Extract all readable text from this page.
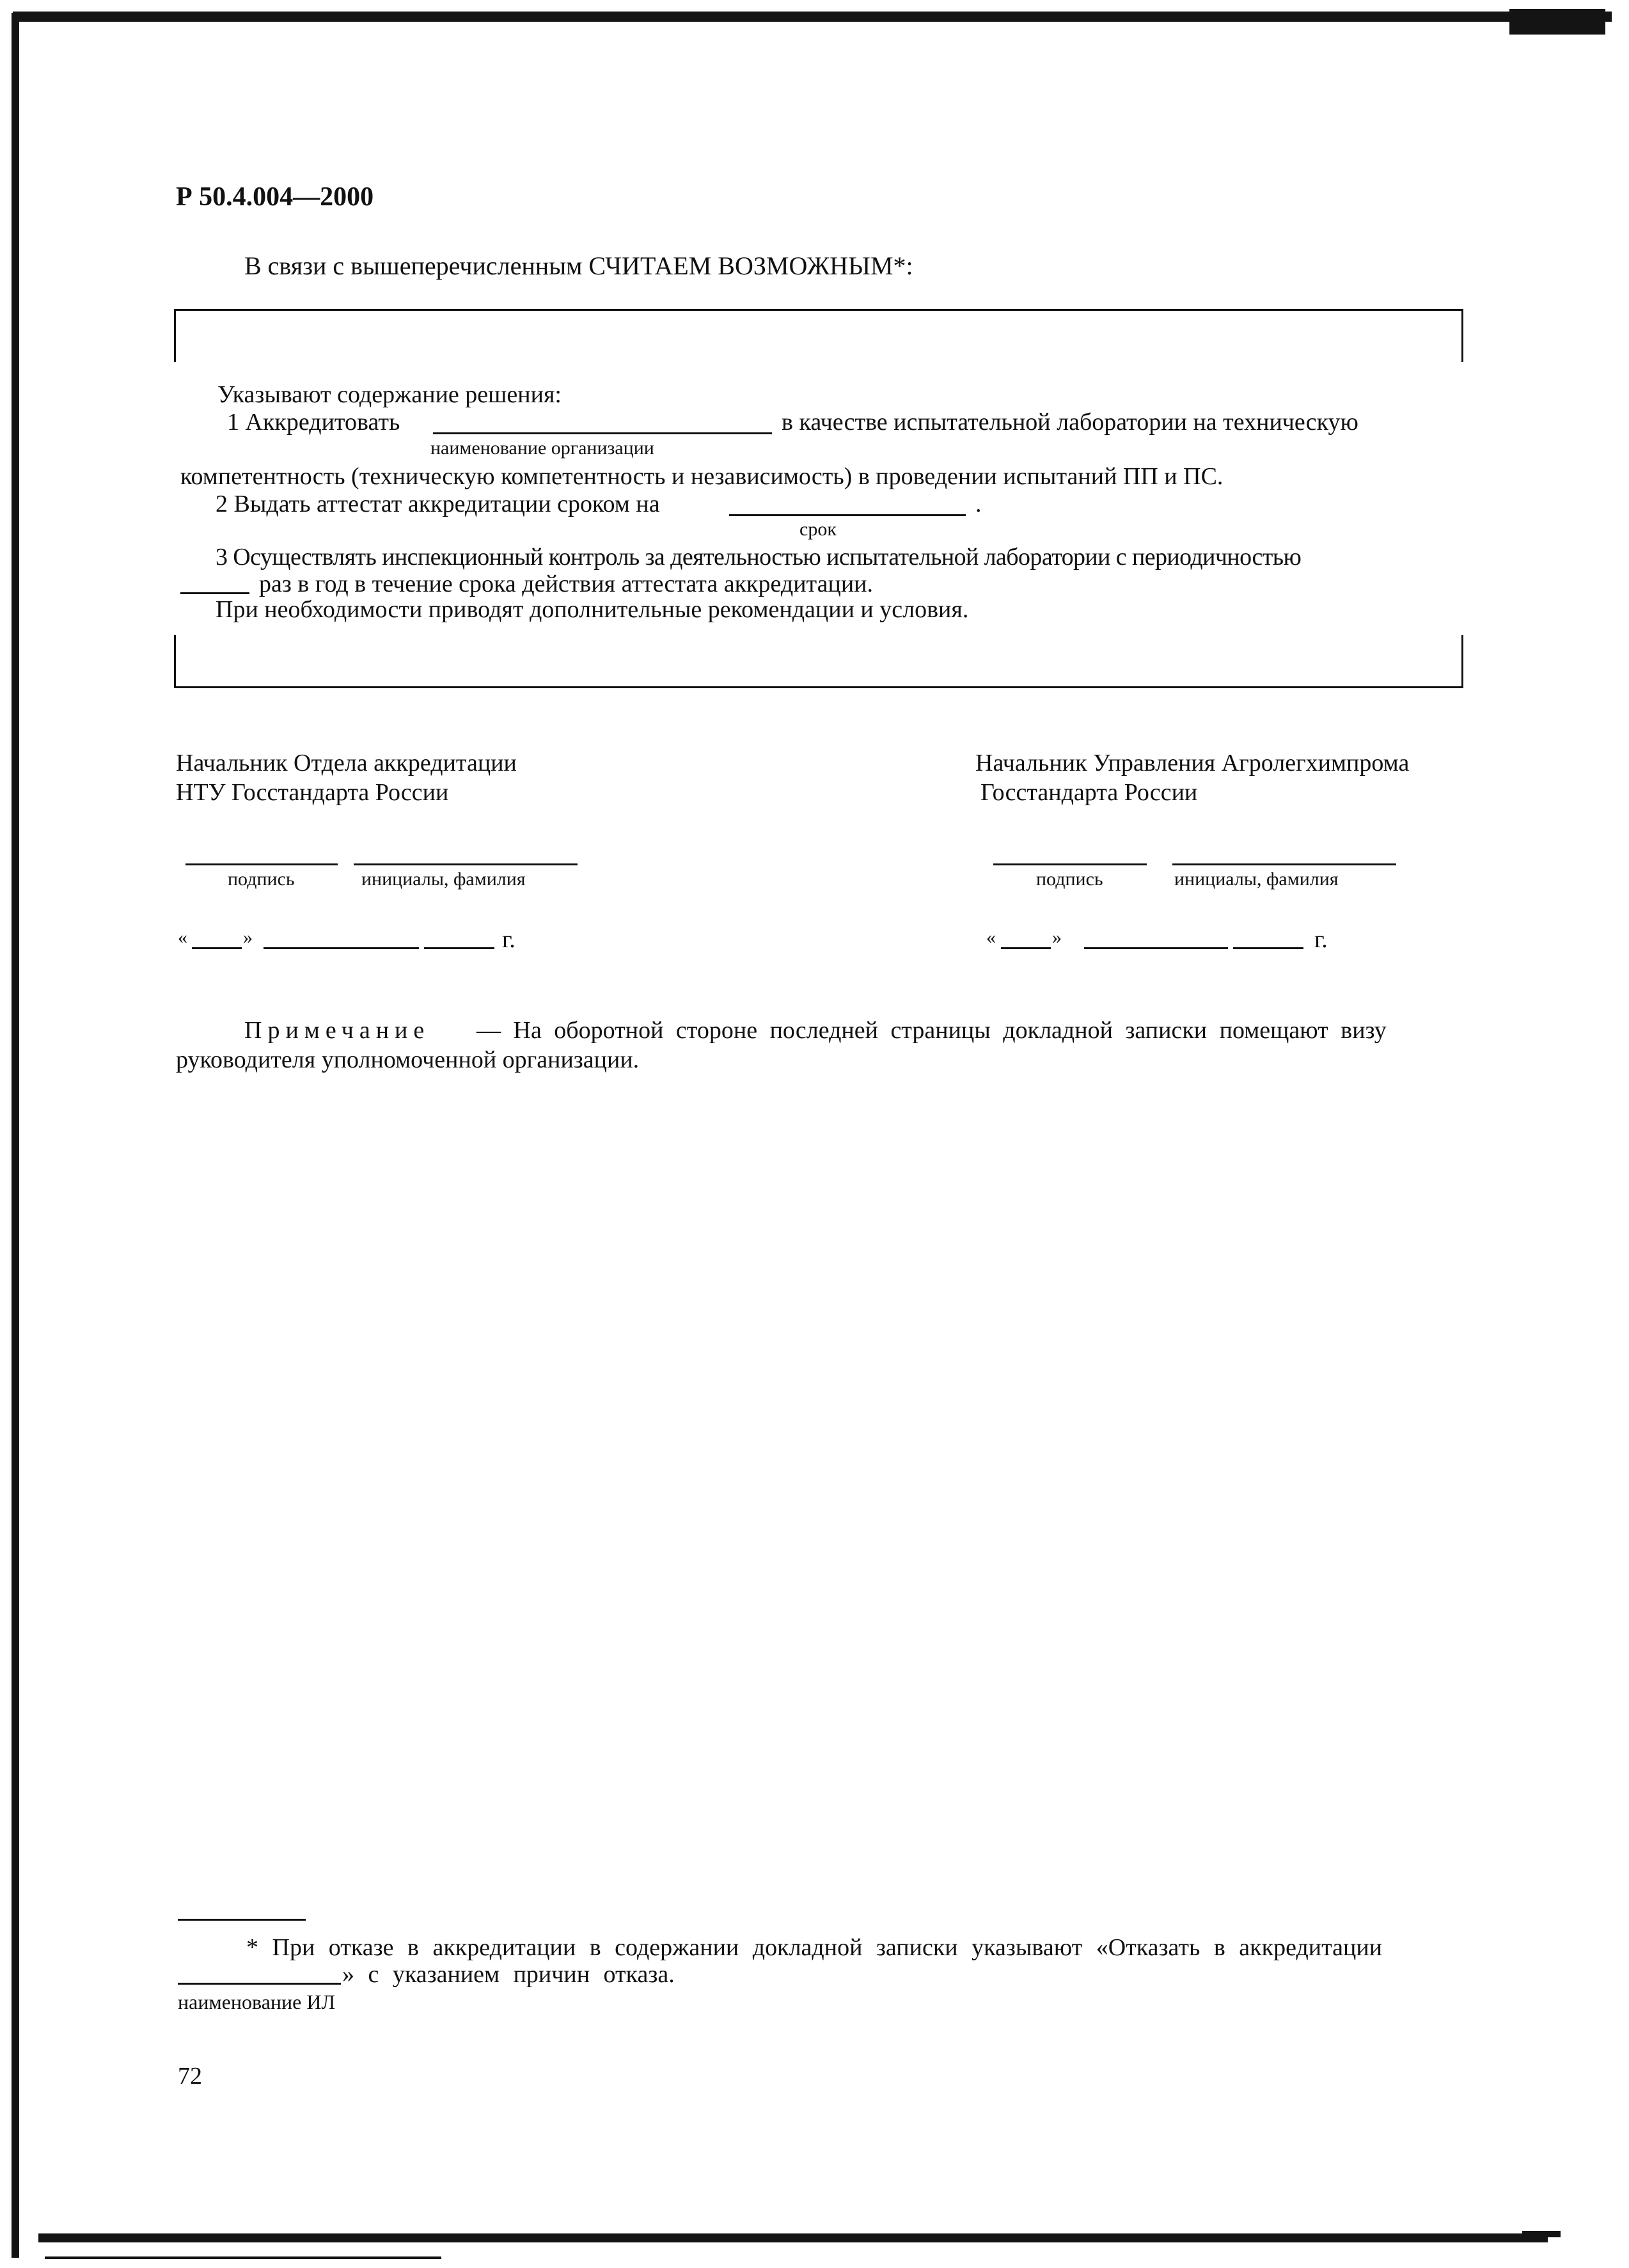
Р 50.4.004—2000
В связи с вышеперечисленным СЧИТАЕМ ВОЗМОЖНЫМ*:
Указывают содержание решения:
1 Аккредитовать	в качестве испытательной лаборатории на техническую
наименование организации
компетентность (техническую компетентность и независимость) в проведении испытаний ПП и ПС.
2 Выдать аттестат аккредитации сроком на	.
срок
3 Осуществлять инспекционный контроль за деятельностью испытательной лаборатории с периодичностью
раз в год в течение срока действия аттестата аккредитации.
При необходимости приводят дополнительные рекомендации и условия.
Начальник Отдела аккредитации
НТУ Госстандарта России
подпись	инициалы, фамилия
«	»	г.
Начальник Управления Агролегхимпрома
Госстандарта России
подпись	инициалы, фамилия
«	»	г.
Примечание — На оборотной стороне последней страницы докладной записки помещают визу
руководителя уполномоченной организации.
* При отказе в аккредитации в содержании докладной записки указывают «Отказать в аккредитации
» с указанием причин отказа.
наименование ИЛ
72
